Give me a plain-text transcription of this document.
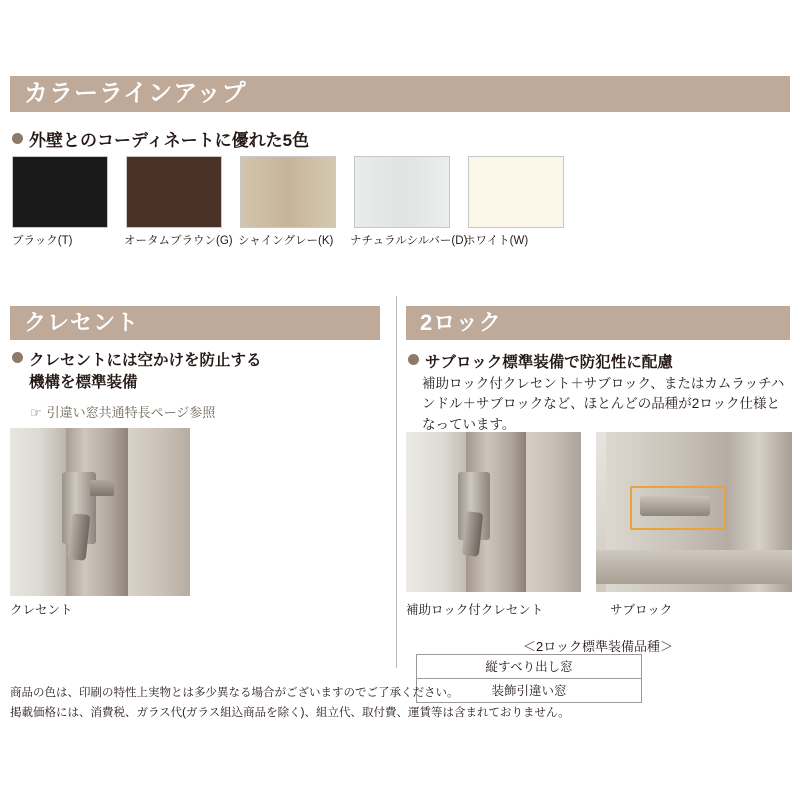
カラーラインアップ
外壁とのコーディネートに優れた5色
ブラック(T)	オータムブラウン(G) シャイングレー(K) ナチュラルシルバー(D)
ホワイト(W)
クレセント
クレセントには空かけを防止する
機構を標準装備
☞ 引違い窓共通特長ページ参照
クレセント
2ロック
サブロック標準装備で防犯性に配慮
補助ロック付クレセント＋サブロック、またはカムラッチハンドル＋サブロックなど、ほとんどの品種が2ロック仕様となっています。
補助ロック付クレセント	サブロック
＜2ロック標準装備品種＞
縦すべり出し窓
装飾引違い窓
商品の色は、印刷の特性上実物とは多少異なる場合がございますのでご了承ください。
掲載価格には、消費税、ガラス代(ガラス組込商品を除く)、組立代、取付費、運賃等は含まれておりません。
